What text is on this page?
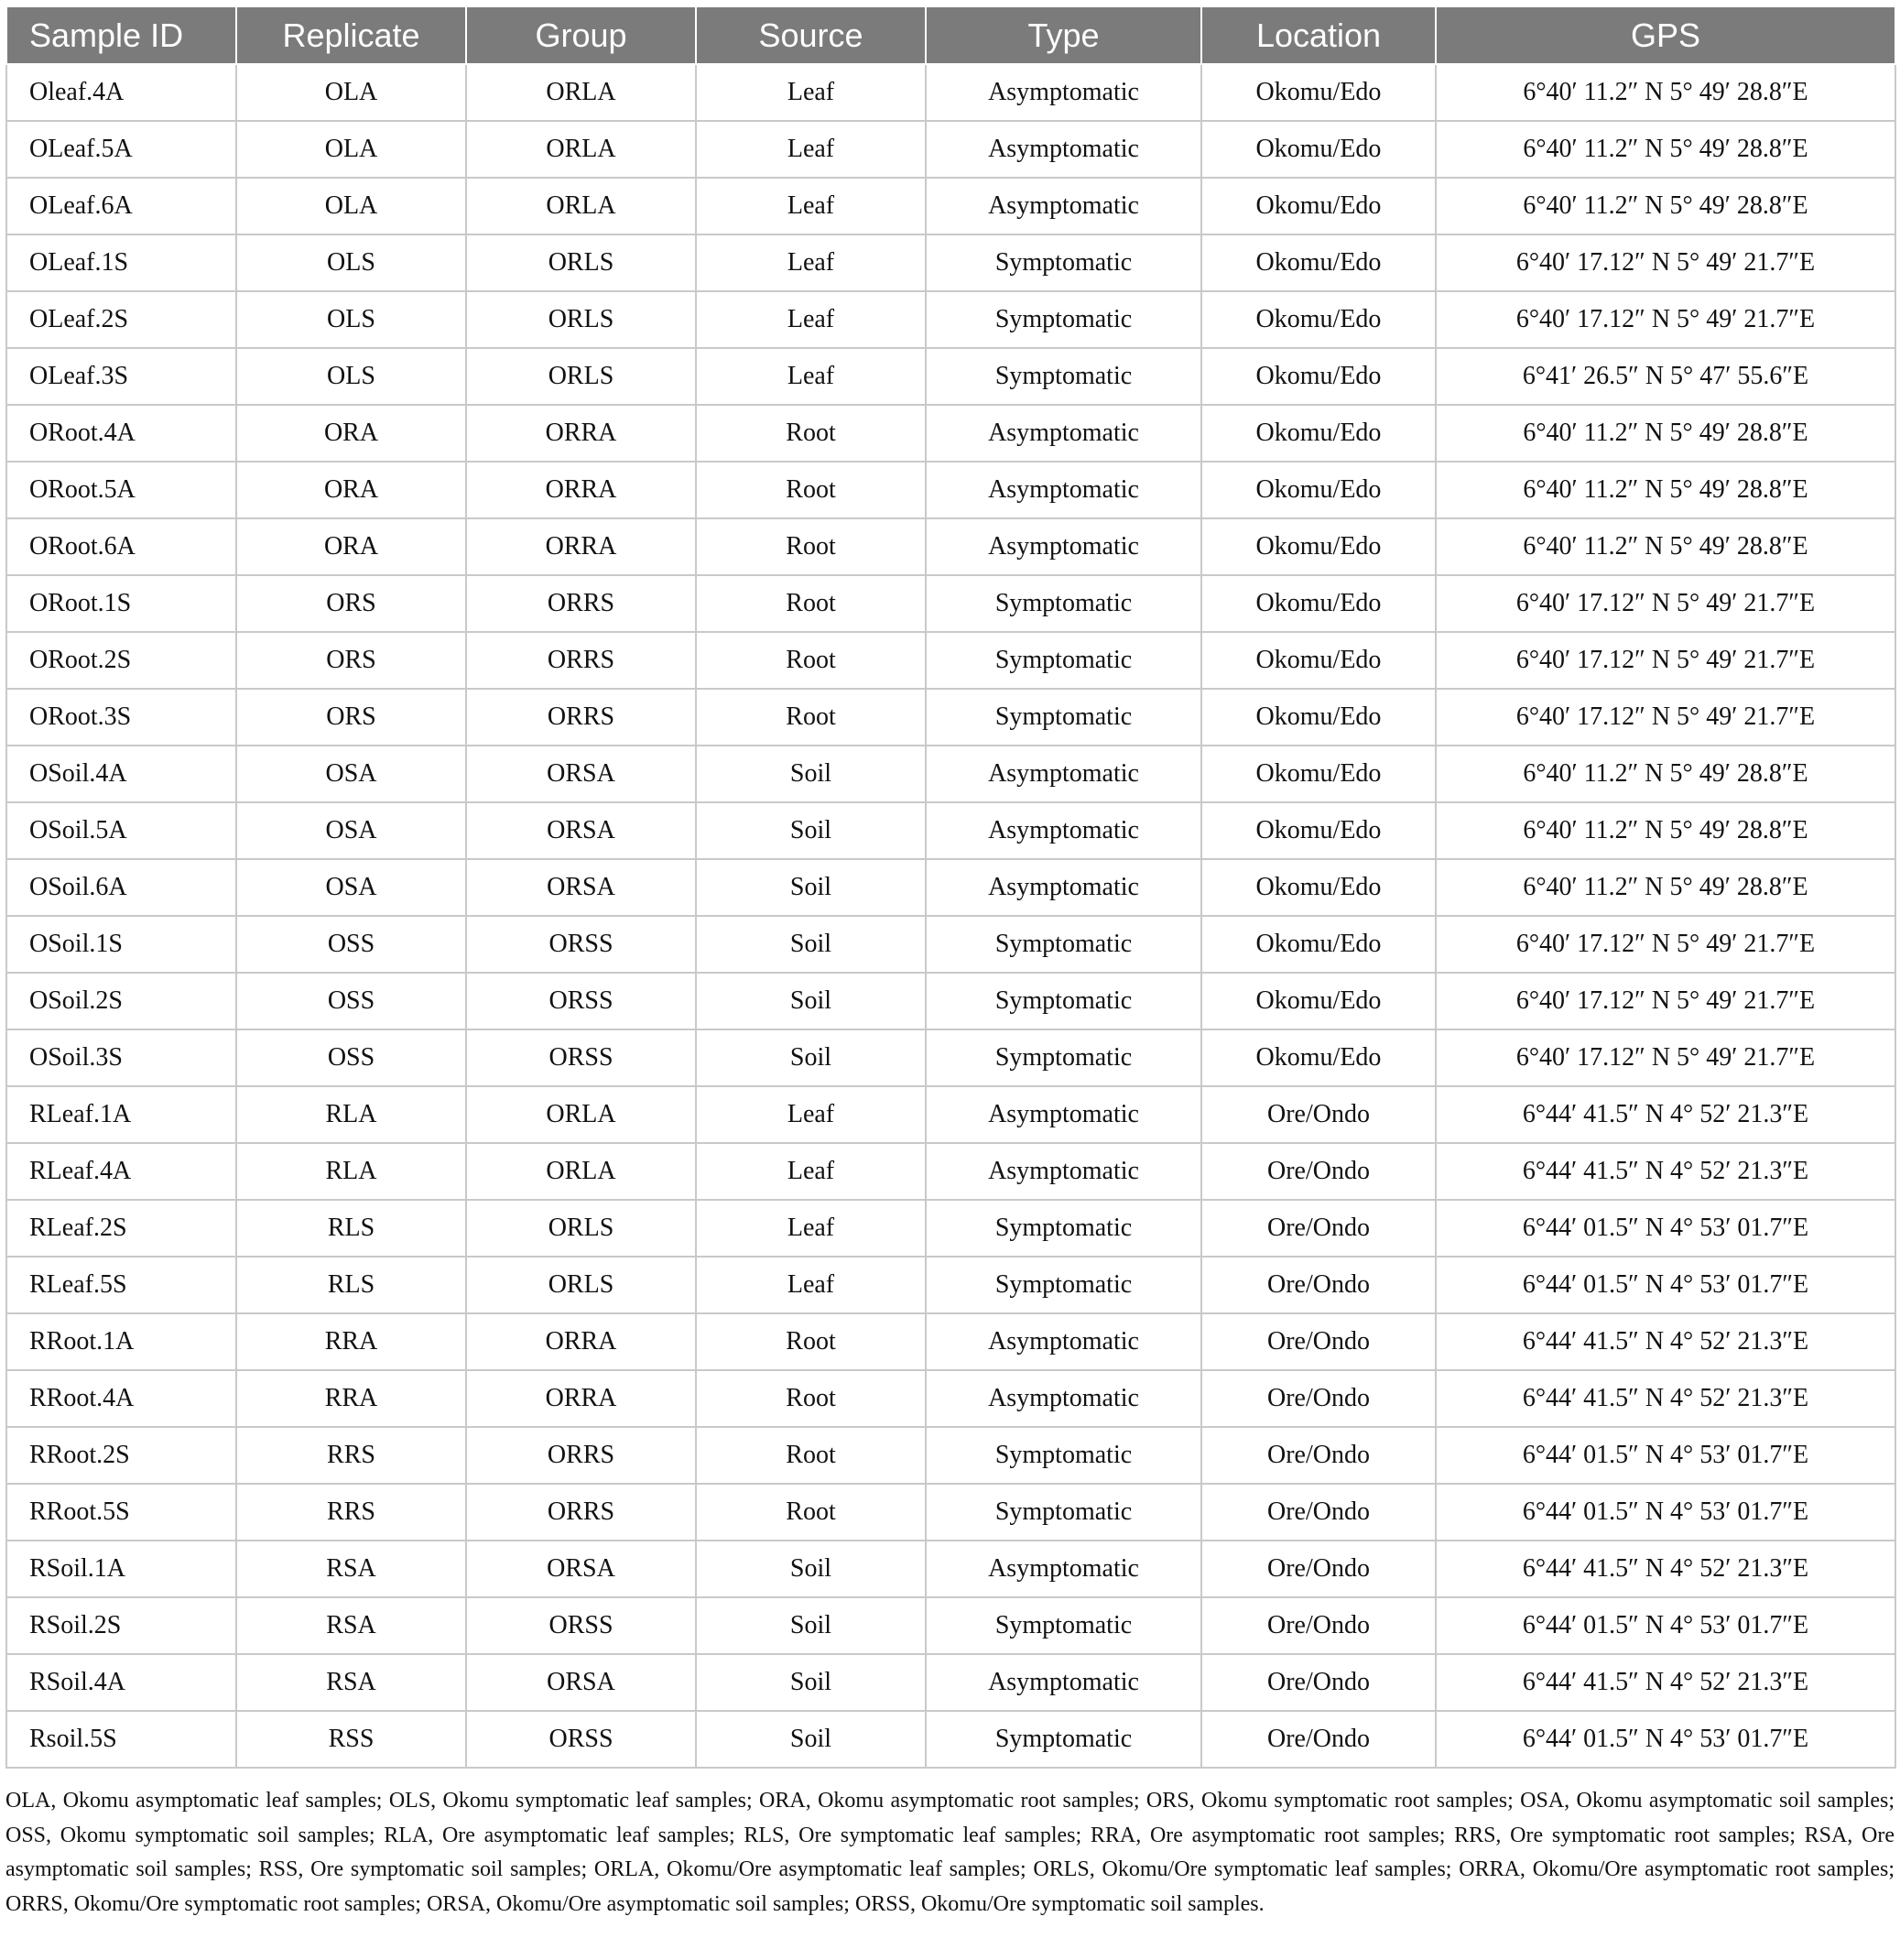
Sample ID	Replicate	Group	Source	Type	Location	GPS
Oleaf.4A	OLA	ORLA	Leaf	Asymptomatic	Okomu/Edo	6°40′ 11.2″ N 5° 49′ 28.8″E
OLeaf.5A	OLA	ORLA	Leaf	Asymptomatic	Okomu/Edo	6°40′ 11.2″ N 5° 49′ 28.8″E
OLeaf.6A	OLA	ORLA	Leaf	Asymptomatic	Okomu/Edo	6°40′ 11.2″ N 5° 49′ 28.8″E
OLeaf.1S	OLS	ORLS	Leaf	Symptomatic	Okomu/Edo	6°40′ 17.12″ N 5° 49′ 21.7″E
OLeaf.2S	OLS	ORLS	Leaf	Symptomatic	Okomu/Edo	6°40′ 17.12″ N 5° 49′ 21.7″E
OLeaf.3S	OLS	ORLS	Leaf	Symptomatic	Okomu/Edo	6°41′ 26.5″ N 5° 47′ 55.6″E
ORoot.4A	ORA	ORRA	Root	Asymptomatic	Okomu/Edo	6°40′ 11.2″ N 5° 49′ 28.8″E
ORoot.5A	ORA	ORRA	Root	Asymptomatic	Okomu/Edo	6°40′ 11.2″ N 5° 49′ 28.8″E
ORoot.6A	ORA	ORRA	Root	Asymptomatic	Okomu/Edo	6°40′ 11.2″ N 5° 49′ 28.8″E
ORoot.1S	ORS	ORRS	Root	Symptomatic	Okomu/Edo	6°40′ 17.12″ N 5° 49′ 21.7″E
ORoot.2S	ORS	ORRS	Root	Symptomatic	Okomu/Edo	6°40′ 17.12″ N 5° 49′ 21.7″E
ORoot.3S	ORS	ORRS	Root	Symptomatic	Okomu/Edo	6°40′ 17.12″ N 5° 49′ 21.7″E
OSoil.4A	OSA	ORSA	Soil	Asymptomatic	Okomu/Edo	6°40′ 11.2″ N 5° 49′ 28.8″E
OSoil.5A	OSA	ORSA	Soil	Asymptomatic	Okomu/Edo	6°40′ 11.2″ N 5° 49′ 28.8″E
OSoil.6A	OSA	ORSA	Soil	Asymptomatic	Okomu/Edo	6°40′ 11.2″ N 5° 49′ 28.8″E
OSoil.1S	OSS	ORSS	Soil	Symptomatic	Okomu/Edo	6°40′ 17.12″ N 5° 49′ 21.7″E
OSoil.2S	OSS	ORSS	Soil	Symptomatic	Okomu/Edo	6°40′ 17.12″ N 5° 49′ 21.7″E
OSoil.3S	OSS	ORSS	Soil	Symptomatic	Okomu/Edo	6°40′ 17.12″ N 5° 49′ 21.7″E
RLeaf.1A	RLA	ORLA	Leaf	Asymptomatic	Ore/Ondo	6°44′ 41.5″ N 4° 52′ 21.3″E
RLeaf.4A	RLA	ORLA	Leaf	Asymptomatic	Ore/Ondo	6°44′ 41.5″ N 4° 52′ 21.3″E
RLeaf.2S	RLS	ORLS	Leaf	Symptomatic	Ore/Ondo	6°44′ 01.5″ N 4° 53′ 01.7″E
RLeaf.5S	RLS	ORLS	Leaf	Symptomatic	Ore/Ondo	6°44′ 01.5″ N 4° 53′ 01.7″E
RRoot.1A	RRA	ORRA	Root	Asymptomatic	Ore/Ondo	6°44′ 41.5″ N 4° 52′ 21.3″E
RRoot.4A	RRA	ORRA	Root	Asymptomatic	Ore/Ondo	6°44′ 41.5″ N 4° 52′ 21.3″E
RRoot.2S	RRS	ORRS	Root	Symptomatic	Ore/Ondo	6°44′ 01.5″ N 4° 53′ 01.7″E
RRoot.5S	RRS	ORRS	Root	Symptomatic	Ore/Ondo	6°44′ 01.5″ N 4° 53′ 01.7″E
RSoil.1A	RSA	ORSA	Soil	Asymptomatic	Ore/Ondo	6°44′ 41.5″ N 4° 52′ 21.3″E
RSoil.2S	RSA	ORSS	Soil	Symptomatic	Ore/Ondo	6°44′ 01.5″ N 4° 53′ 01.7″E
RSoil.4A	RSA	ORSA	Soil	Asymptomatic	Ore/Ondo	6°44′ 41.5″ N 4° 52′ 21.3″E
Rsoil.5S	RSS	ORSS	Soil	Symptomatic	Ore/Ondo	6°44′ 01.5″ N 4° 53′ 01.7″E

OLA, Okomu asymptomatic leaf samples; OLS, Okomu symptomatic leaf samples; ORA, Okomu asymptomatic root samples; ORS, Okomu symptomatic root samples; OSA, Okomu asymptomatic soil samples; OSS, Okomu symptomatic soil samples; RLA, Ore asymptomatic leaf samples; RLS, Ore symptomatic leaf samples; RRA, Ore asymptomatic root samples; RRS, Ore symptomatic root samples; RSA, Ore asymptomatic soil samples; RSS, Ore symptomatic soil samples; ORLA, Okomu/Ore asymptomatic leaf samples; ORLS, Okomu/Ore symptomatic leaf samples; ORRA, Okomu/Ore asymptomatic root samples; ORRS, Okomu/Ore symptomatic root samples; ORSA, Okomu/Ore asymptomatic soil samples; ORSS, Okomu/Ore symptomatic soil samples.
